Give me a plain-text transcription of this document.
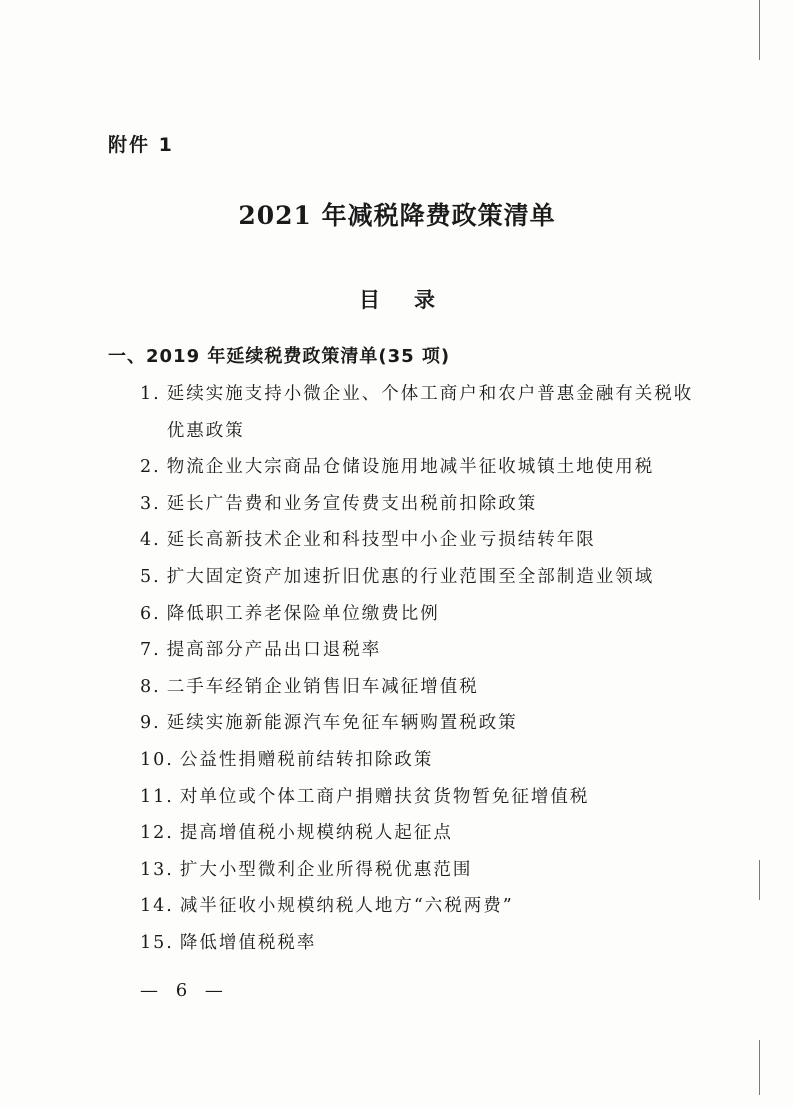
附件 1
2021 年减税降费政策清单
目录
一、2019 年延续税费政策清单(35 项)
1. 延续实施支持小微企业、个体工商户和农户普惠金融有关税收优惠政策
2. 物流企业大宗商品仓储设施用地减半征收城镇土地使用税
3. 延长广告费和业务宣传费支出税前扣除政策
4. 延长高新技术企业和科技型中小企业亏损结转年限
5. 扩大固定资产加速折旧优惠的行业范围至全部制造业领域
6. 降低职工养老保险单位缴费比例
7. 提高部分产品出口退税率
8. 二手车经销企业销售旧车减征增值税
9. 延续实施新能源汽车免征车辆购置税政策
10. 公益性捐赠税前结转扣除政策
11. 对单位或个体工商户捐赠扶贫货物暂免征增值税
12. 提高增值税小规模纳税人起征点
13. 扩大小型微利企业所得税优惠范围
14. 减半征收小规模纳税人地方“六税两费”
15. 降低增值税税率
— 6 —
